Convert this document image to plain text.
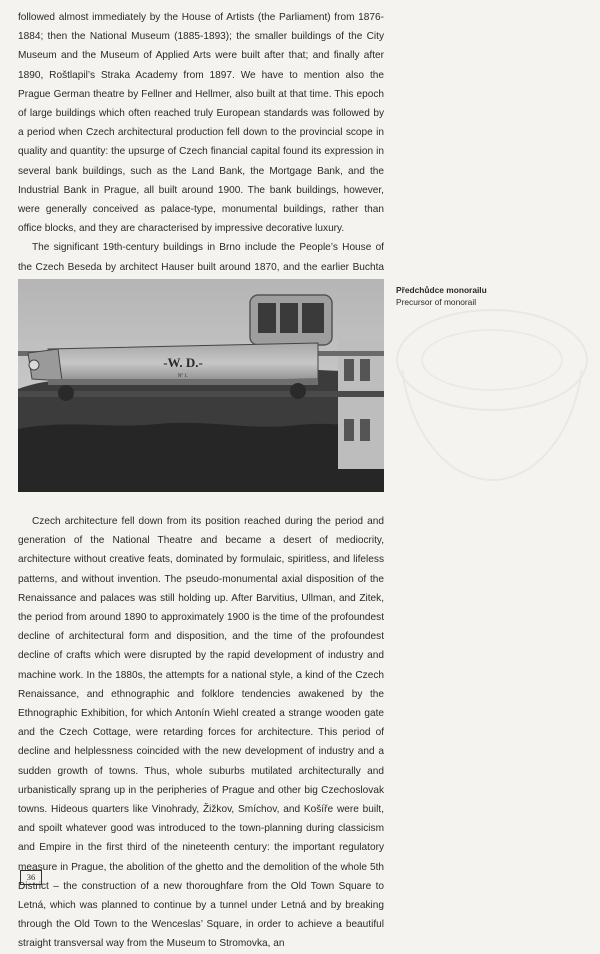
followed almost immediately by the House of Artists (the Parliament) from 1876-1884; then the National Museum (1885-1893); the smaller buildings of the City Museum and the Museum of Applied Arts were built after that; and finally after 1890, Roštlapil’s Straka Academy from 1897. We have to mention also the Prague German theatre by Fellner and Hellmer, also built at that time. This epoch of large buildings which often reached truly European standards was followed by a period when Czech architectural production fell down to the provincial scope in quality and quantity: the upsurge of Czech financial capital found its expression in several bank buildings, such as the Land Bank, the Mortgage Bank, and the Industrial Bank in Prague, all built around 1900. The bank buildings, however, were generally conceived as palace-type, monumental buildings, rather than office blocks, and they are characterised by impressive decorative luxury.

The significant 19th-century buildings in Brno include the People’s House of the Czech Beseda by architect Hauser built around 1870, and the earlier Buchta

-W. D.-
Nº 1.
Předchůdce monorailu
Precursor of monorail

Czech architecture fell down from its position reached during the period and generation of the National Theatre and became a desert of mediocrity, architecture without creative feats, dominated by formulaic, spiritless, and lifeless patterns, and without invention. The pseudo-monumental axial disposition of the Renaissance and palaces was still holding up. After Barvitius, Ullman, and Zitek, the period from around 1890 to approximately 1900 is the time of the profoundest decline of architectural form and disposition, and the time of the profoundest decline of crafts which were disrupted by the rapid development of industry and machine work. In the 1880s, the attempts for a national style, a kind of the Czech Renaissance, and ethnographic and folklore tendencies awakened by the Ethnographic Exhibition, for which Antonín Wiehl created a strange wooden gate and the Czech Cottage, were retarding forces for architecture. This period of decline and helplessness coincided with the new development of industry and a sudden growth of towns. Thus, whole suburbs mutilated architecturally and urbanistically sprang up in the peripheries of Prague and other big Czechoslovak towns. Hideous quarters like Vinohrady, Žižkov, Smíchov, and Košíře were built, and spoilt whatever good was introduced to the town-planning during classicism and Empire in the first third of the nineteenth century: the important regulatory measure in Prague, the abolition of the ghetto and the demolition of the whole 5th District – the construction of a new thoroughfare from the Old Town Square to Letná, which was planned to continue by a tunnel under Letná and by breaking through the Old Town to the Wenceslas’ Square, in order to achieve a beautiful straight transversal way from the Museum to Stromovka, an

36
